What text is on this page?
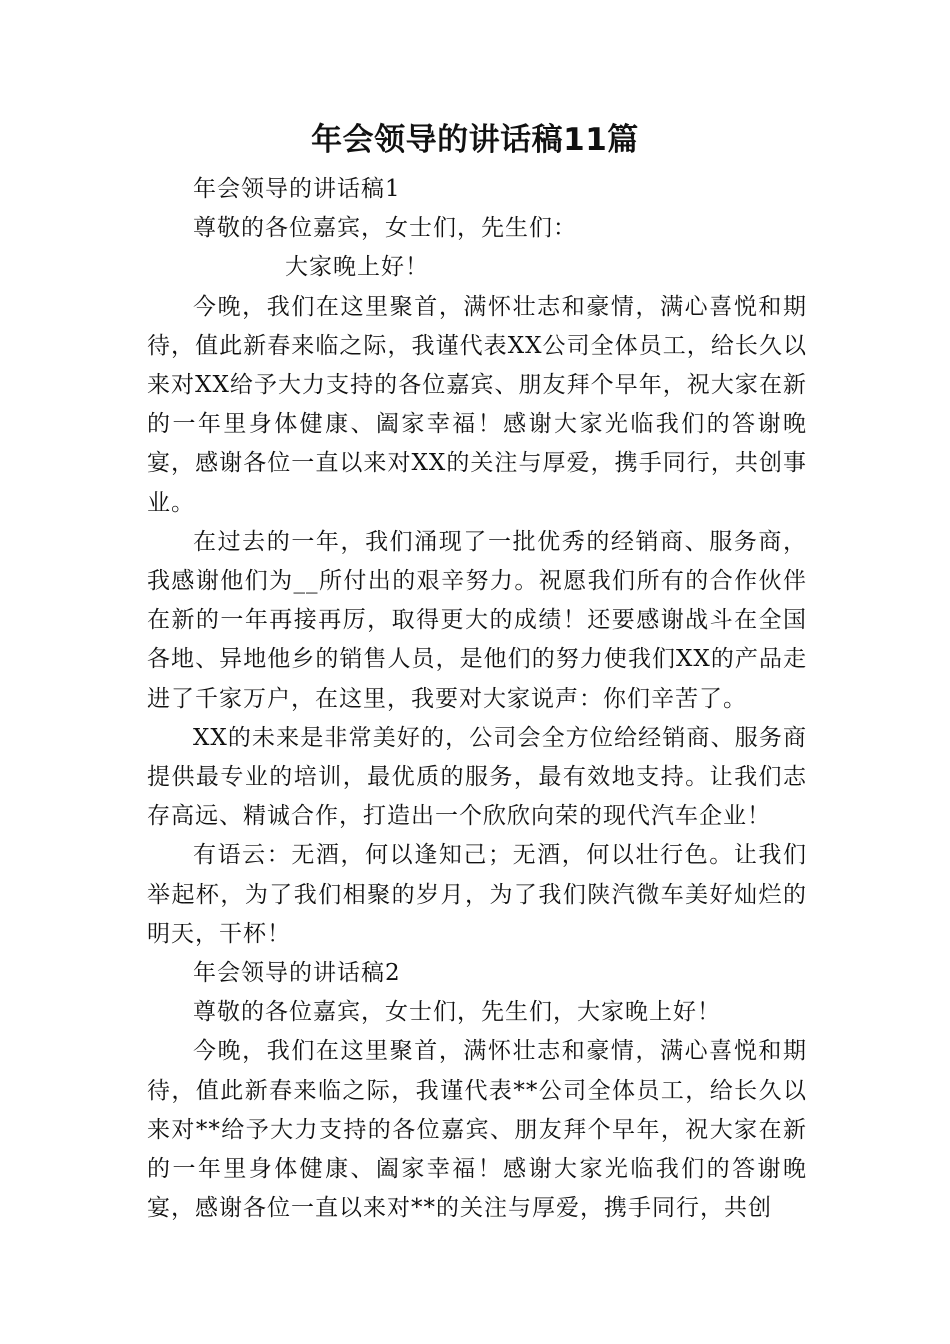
年会领导的讲话稿11篇

年会领导的讲话稿1

尊敬的各位嘉宾，女士们，先生们：

大家晚上好！

今晚，我们在这里聚首，满怀壮志和豪情，满心喜悦和期待，值此新春来临之际，我谨代表XX公司全体员工，给长久以来对XX给予大力支持的各位嘉宾、朋友拜个早年，祝大家在新的一年里身体健康、阖家幸福！感谢大家光临我们的答谢晚宴，感谢各位一直以来对XX的关注与厚爱，携手同行，共创事业。

在过去的一年，我们涌现了一批优秀的经销商、服务商，我感谢他们为__所付出的艰辛努力。祝愿我们所有的合作伙伴在新的一年再接再厉，取得更大的成绩！还要感谢战斗在全国各地、异地他乡的销售人员，是他们的努力使我们XX的产品走进了千家万户，在这里，我要对大家说声：你们辛苦了。

XX的未来是非常美好的，公司会全方位给经销商、服务商提供最专业的培训，最优质的服务，最有效地支持。让我们志存高远、精诚合作，打造出一个欣欣向荣的现代汽车企业！

有语云：无酒，何以逢知己；无酒，何以壮行色。让我们举起杯，为了我们相聚的岁月，为了我们陕汽微车美好灿烂的明天，干杯！

年会领导的讲话稿2

尊敬的各位嘉宾，女士们，先生们，大家晚上好！

今晚，我们在这里聚首，满怀壮志和豪情，满心喜悦和期待，值此新春来临之际，我谨代表**公司全体员工，给长久以来对**给予大力支持的各位嘉宾、朋友拜个早年，祝大家在新的一年里身体健康、阖家幸福！感谢大家光临我们的答谢晚宴，感谢各位一直以来对**的关注与厚爱，携手同行，共创
